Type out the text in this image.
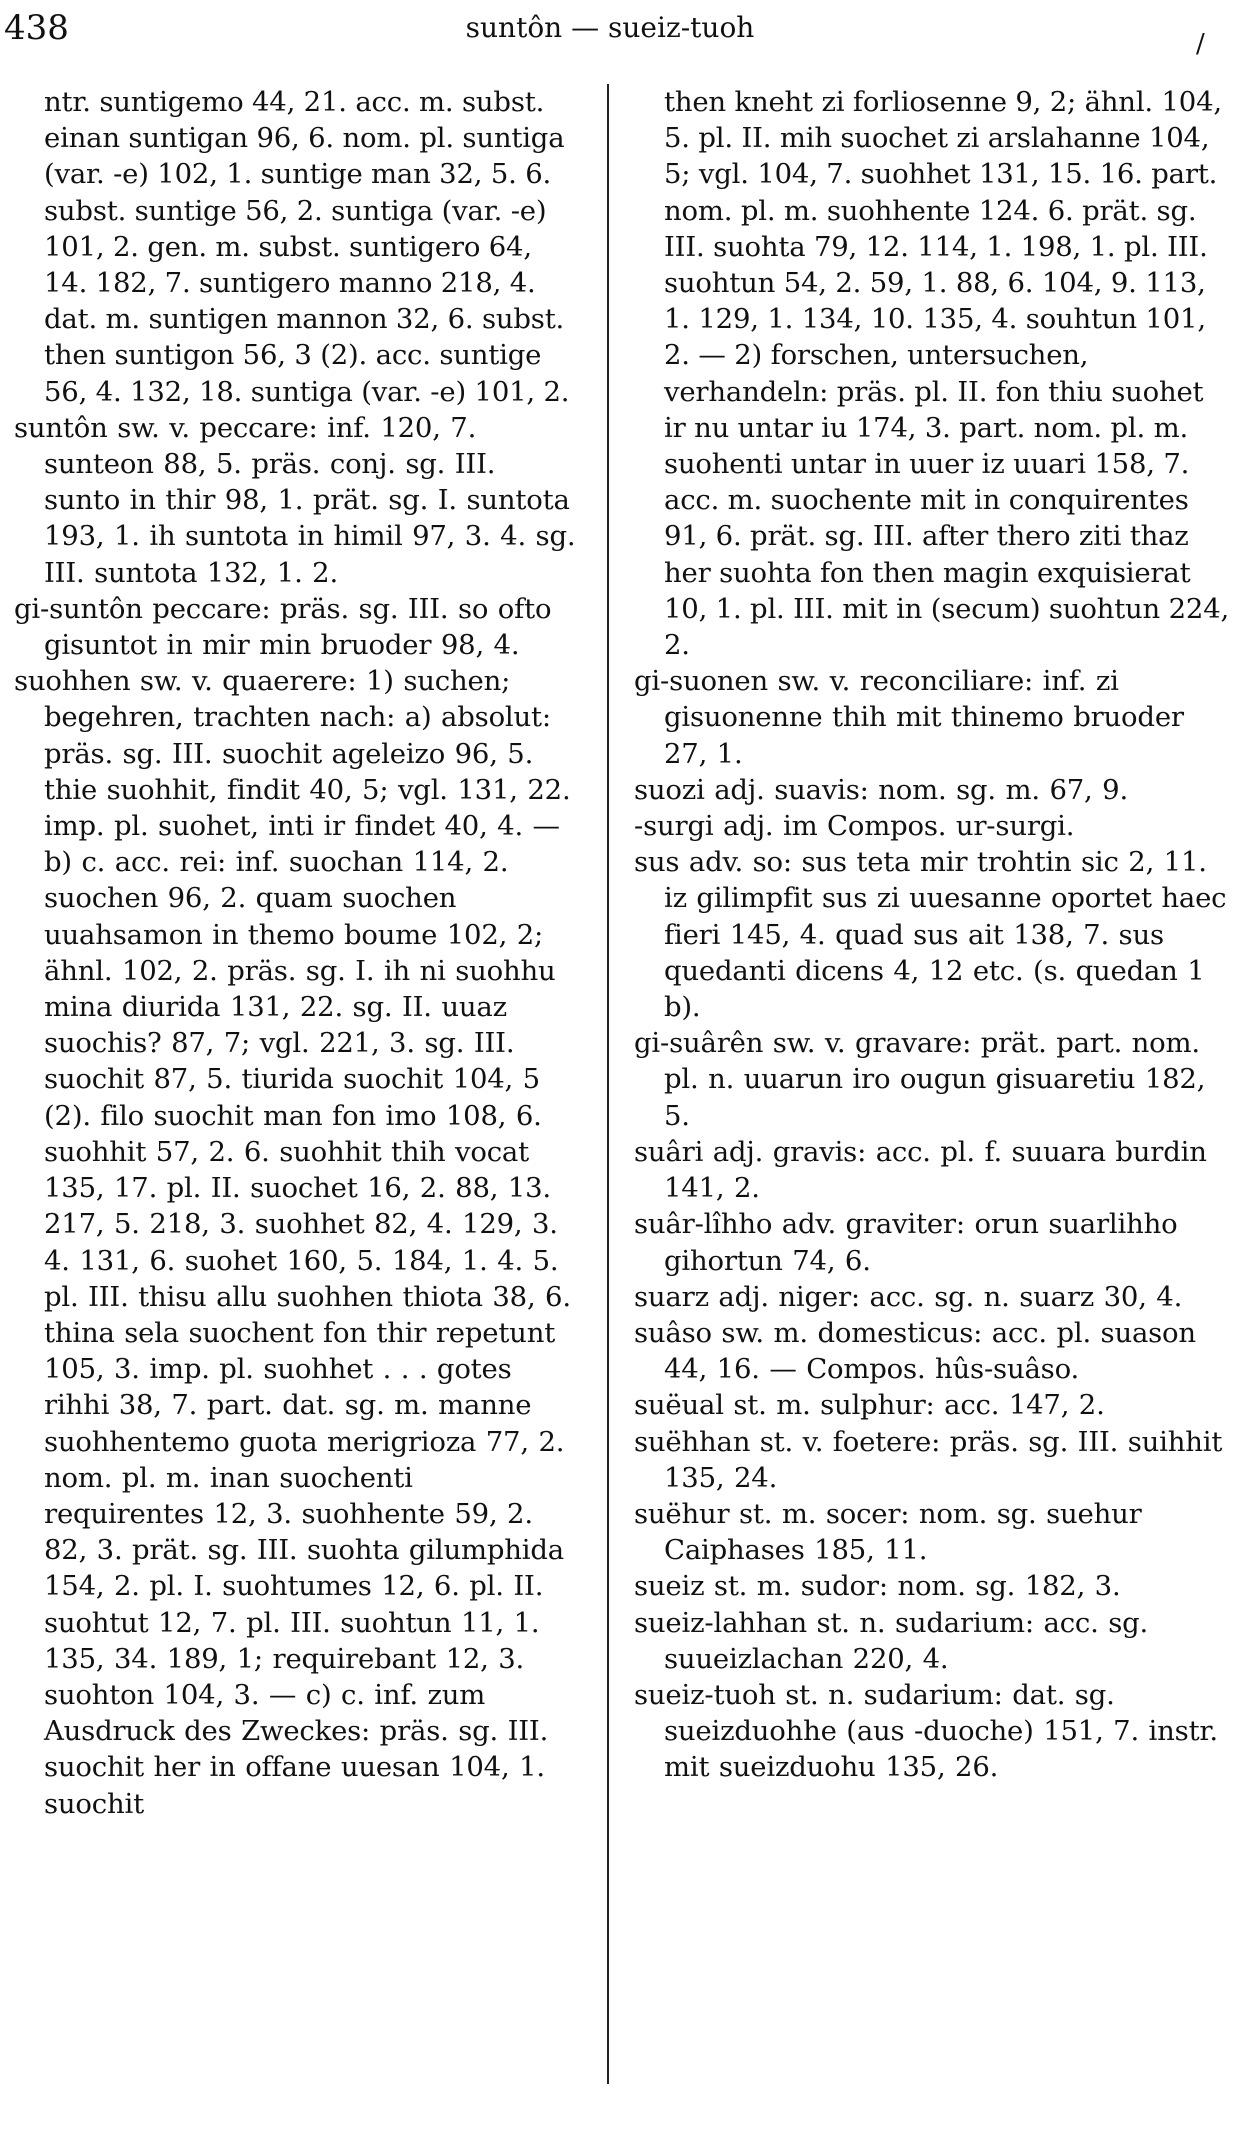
438	suntôn — sueiz-tuoh	/

ntr. suntigemo 44, 21. acc. m. subst. einan suntigan 96, 6. nom. pl. suntiga (var. -e) 102, 1. suntige man 32, 5. 6. subst. suntige 56, 2. suntiga (var. -e) 101, 2. gen. m. subst. suntigero 64, 14. 182, 7. suntigero manno 218, 4. dat. m. suntigen mannon 32, 6. subst. then suntigon 56, 3 (2). acc. suntige 56, 4. 132, 18. suntiga (var. -e) 101, 2.

suntôn sw. v. peccare: inf. 120, 7. sunteon 88, 5. präs. conj. sg. III. sunto in thir 98, 1. prät. sg. I. suntota 193, 1. ih suntota in himil 97, 3. 4. sg. III. suntota 132, 1. 2.

gi-suntôn peccare: präs. sg. III. so ofto gisuntot in mir min bruoder 98, 4.

suohhen sw. v. quaerere: 1) suchen; begehren, trachten nach: a) absolut: präs. sg. III. suochit ageleizo 96, 5. thie suohhit, findit 40, 5; vgl. 131, 22. imp. pl. suohet, inti ir findet 40, 4. — b) c. acc. rei: inf. suochan 114, 2. suochen 96, 2. quam suochen uuahsamon in themo boume 102, 2; ähnl. 102, 2. präs. sg. I. ih ni suohhu mina diurida 131, 22. sg. II. uuaz suochis? 87, 7; vgl. 221, 3. sg. III. suochit 87, 5. tiurida suochit 104, 5 (2). filo suochit man fon imo 108, 6. suohhit 57, 2. 6. suohhit thih vocat 135, 17. pl. II. suochet 16, 2. 88, 13. 217, 5. 218, 3. suohhet 82, 4. 129, 3. 4. 131, 6. suohet 160, 5. 184, 1. 4. 5. pl. III. thisu allu suohhen thiota 38, 6. thina sela suochent fon thir repetunt 105, 3. imp. pl. suohhet . . . gotes rihhi 38, 7. part. dat. sg. m. manne suohhentemo guota merigrioza 77, 2. nom. pl. m. inan suochenti requirentes 12, 3. suohhente 59, 2. 82, 3. prät. sg. III. suohta gilumphida 154, 2. pl. I. suohtumes 12, 6. pl. II. suohtut 12, 7. pl. III. suohtun 11, 1. 135, 34. 189, 1; requirebant 12, 3. suohton 104, 3. — c) c. inf. zum Ausdruck des Zweckes: präs. sg. III. suochit her in offane uuesan 104, 1. suochit

then kneht zi forliosenne 9, 2; ähnl. 104, 5. pl. II. mih suochet zi arslahanne 104, 5; vgl. 104, 7. suohhet 131, 15. 16. part. nom. pl. m. suohhente 124. 6. prät. sg. III. suohta 79, 12. 114, 1. 198, 1. pl. III. suohtun 54, 2. 59, 1. 88, 6. 104, 9. 113, 1. 129, 1. 134, 10. 135, 4. souhtun 101, 2. — 2) forschen, untersuchen, verhandeln: präs. pl. II. fon thiu suohet ir nu untar iu 174, 3. part. nom. pl. m. suohenti untar in uuer iz uuari 158, 7. acc. m. suochente mit in conquirentes 91, 6. prät. sg. III. after thero ziti thaz her suohta fon then magin exquisierat 10, 1. pl. III. mit in (secum) suohtun 224, 2.

gi-suonen sw. v. reconciliare: inf. zi gisuonenne thih mit thinemo bruoder 27, 1.

suozi adj. suavis: nom. sg. m. 67, 9.

-surgi adj. im Compos. ur-surgi.

sus adv. so: sus teta mir trohtin sic 2, 11. iz gilimpfit sus zi uuesanne oportet haec fieri 145, 4. quad sus ait 138, 7. sus quedanti dicens 4, 12 etc. (s. quedan 1 b).

gi-suârên sw. v. gravare: prät. part. nom. pl. n. uuarun iro ougun gisuaretiu 182, 5.

suâri adj. gravis: acc. pl. f. suuara burdin 141, 2.

suâr-lîhho adv. graviter: orun suarlihho gihortun 74, 6.

suarz adj. niger: acc. sg. n. suarz 30, 4.

suâso sw. m. domesticus: acc. pl. suason 44, 16. — Compos. hûs-suâso.

suëual st. m. sulphur: acc. 147, 2.

suëhhan st. v. foetere: präs. sg. III. suihhit 135, 24.

suëhur st. m. socer: nom. sg. suehur Caiphases 185, 11.

sueiz st. m. sudor: nom. sg. 182, 3.

sueiz-lahhan st. n. sudarium: acc. sg. suueizlachan 220, 4.

sueiz-tuoh st. n. sudarium: dat. sg. sueizduohhe (aus -duoche) 151, 7. instr. mit sueizduohu 135, 26.
